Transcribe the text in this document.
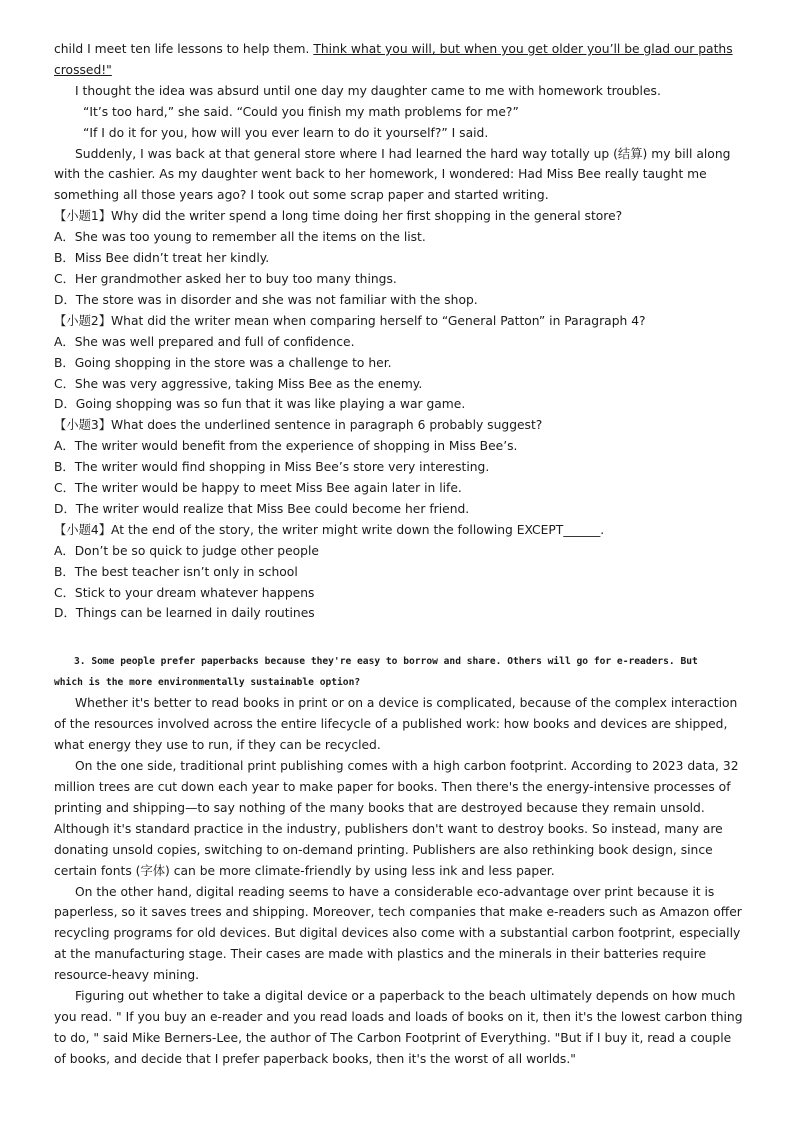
child I meet ten life lessons to help them. Think what you will, but when you get older you’ll be glad our paths crossed!"

I thought the idea was absurd until one day my daughter came to me with homework troubles.

“It’s too hard,” she said. “Could you finish my math problems for me?”

“If I do it for you, how will you ever learn to do it yourself?” I said.

Suddenly, I was back at that general store where I had learned the hard way totally up (结算) my bill along with the cashier. As my daughter went back to her homework, I wondered: Had Miss Bee really taught me something all those years ago? I took out some scrap paper and started writing.

【小题1】Why did the writer spend a long time doing her first shopping in the general store?

A．She was too young to remember all the items on the list.

B．Miss Bee didn’t treat her kindly.

C．Her grandmother asked her to buy too many things.

D．The store was in disorder and she was not familiar with the shop.

【小题2】What did the writer mean when comparing herself to “General Patton” in Paragraph 4?

A．She was well prepared and full of confidence.

B．Going shopping in the store was a challenge to her.

C．She was very aggressive, taking Miss Bee as the enemy.

D．Going shopping was so fun that it was like playing a war game.

【小题3】What does the underlined sentence in paragraph 6 probably suggest?

A．The writer would benefit from the experience of shopping in Miss Bee’s.

B．The writer would find shopping in Miss Bee’s store very interesting.

C．The writer would be happy to meet Miss Bee again later in life.

D．The writer would realize that Miss Bee could become her friend.

【小题4】At the end of the story, the writer might write down the following EXCEPT______.

A．Don’t be so quick to judge other people

B．The best teacher isn’t only in school

C．Stick to your dream whatever happens

D．Things can be learned in daily routines

3. Some people prefer paperbacks because they're easy to borrow and share. Others will go for e-readers. But

which is the more environmentally sustainable option?

Whether it's better to read books in print or on a device is complicated, because of the complex interaction of the resources involved across the entire lifecycle of a published work: how books and devices are shipped, what energy they use to run, if they can be recycled.

On the one side, traditional print publishing comes with a high carbon footprint. According to 2023 data, 32 million trees are cut down each year to make paper for books. Then there's the energy-intensive processes of printing and shipping—to say nothing of the many books that are destroyed because they remain unsold. Although it's standard practice in the industry, publishers don't want to destroy books. So instead, many are donating unsold copies, switching to on-demand printing. Publishers are also rethinking book design, since certain fonts (字体) can be more climate-friendly by using less ink and less paper.

On the other hand, digital reading seems to have a considerable eco-advantage over print because it is paperless, so it saves trees and shipping. Moreover, tech companies that make e-readers such as Amazon offer recycling programs for old devices. But digital devices also come with a substantial carbon footprint, especially at the manufacturing stage. Their cases are made with plastics and the minerals in their batteries require resource-heavy mining.

Figuring out whether to take a digital device or a paperback to the beach ultimately depends on how much you read. " If you buy an e-reader and you read loads and loads of books on it, then it's the lowest carbon thing to do, " said Mike Berners-Lee, the author of The Carbon Footprint of Everything. "But if I buy it, read a couple of books, and decide that I prefer paperback books, then it's the worst of all worlds."
